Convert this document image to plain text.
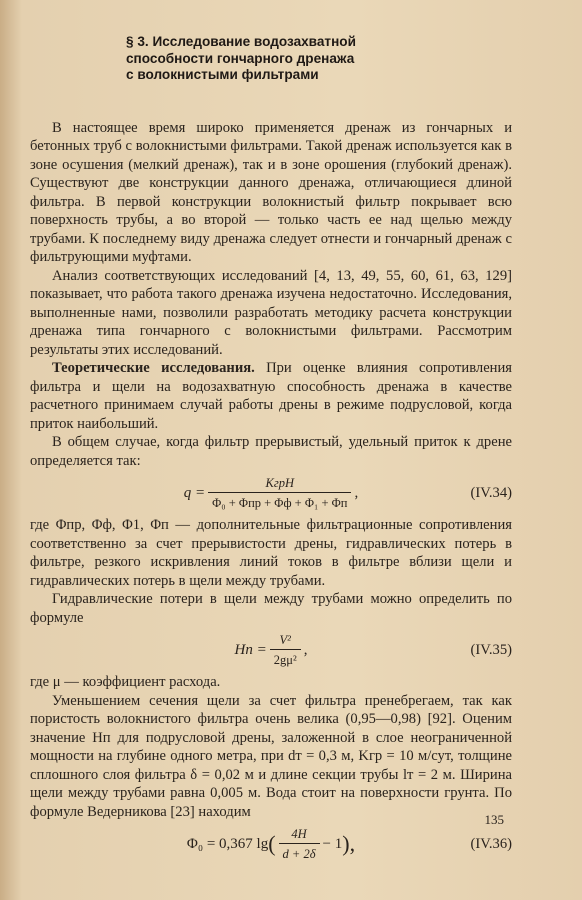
§ 3. Исследование водозахватной
способности гончарного дренажа
с волокнистыми фильтрами

В настоящее время широко применяется дренаж из гончарных и бетонных труб с волокнистыми фильтрами. Такой дренаж используется как в зоне осушения (мелкий дренаж), так и в зоне орошения (глубокий дренаж). Существуют две конструкции данного дренажа, отличающиеся длиной фильтра. В первой конструкции волокнистый фильтр покрывает всю поверхность трубы, а во второй — только часть ее над щелью между трубами. К последнему виду дренажа следует отнести и гончарный дренаж с фильтрующими муфтами.

Анализ соответствующих исследований [4, 13, 49, 55, 60, 61, 63, 129] показывает, что работа такого дренажа изучена недостаточно. Исследования, выполненные нами, позволили разработать методику расчета конструкции дренажа типа гончарного с волокнистыми фильтрами. Рассмотрим результаты этих исследований.

Теоретические исследования. При оценке влияния сопротивления фильтра и щели на водозахватную способность дренажа в качестве расчетного принимаем случай работы дрены в режиме подрусловой, когда приток наибольший.

В общем случае, когда фильтр прерывистый, удельный приток к дрене определяется так:

$q = \frac{\text{KгрH}}{\text{Φ₀ + Φпр + Φф + Φ₁ + Φп}}$ ,	(IV.34)

где Φпр, Φф, Φ1, Φп — дополнительные фильтрационные сопротивления соответственно за счет прерывистости дрены, гидравлических потерь в фильтре, резкого искривления линий токов в фильтре вблизи щели и гидравлических потерь в щели между трубами.

Гидравлические потери в щели между трубами можно определить по формуле

Hп = $\frac{\text{V²}}{\text{2gμ²}}$ ,	(IV.35)

где μ — коэффициент расхода.

Уменьшением сечения щели за счет фильтра пренебрегаем, так как пористость волокнистого фильтра очень велика (0,95—0,98) [92]. Оценим значение Hп для подрусловой дрены, заложенной в слое неограниченной мощности на глубине одного метра, при dт = 0,3 м, Kгр = 10 м/сут, толщине сплошного слоя фильтра δ = 0,02 м и длине секции трубы lт = 2 м. Ширина щели между трубами равна 0,005 м. Вода стоит на поверхности грунта. По формуле Ведерникова [23] находим

Φ₀ = 0,367 lg ( $\frac{4H}{d + 2\delta} - 1$ ),	(IV.36)
135
